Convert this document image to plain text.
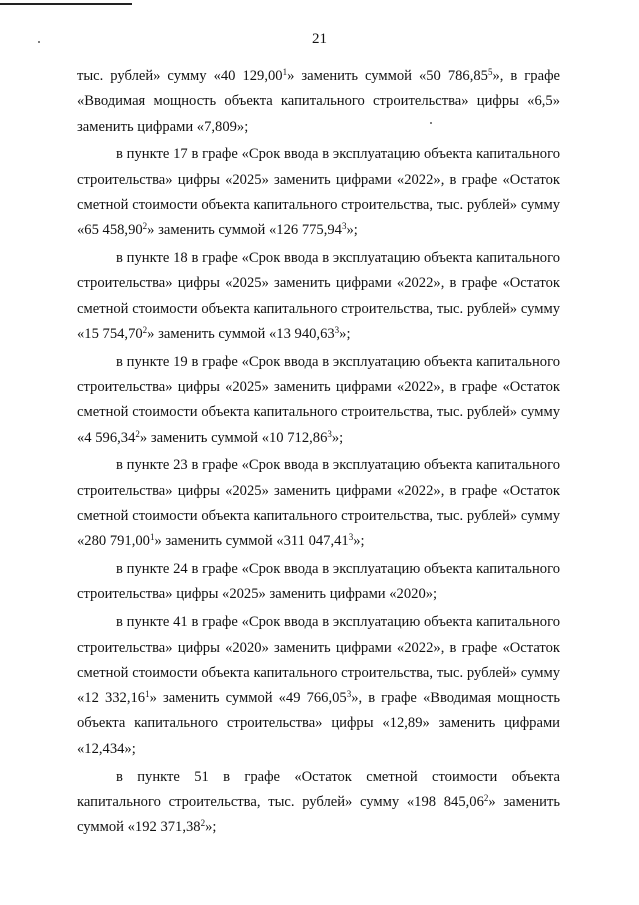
21

тыс. рублей» сумму «40 129,00$^1$» заменить суммой «50 786,85$^5$», в графе «Вводимая мощность объекта капитального строительства» цифры «6,5» заменить цифрами «7,809»;

в пункте 17 в графе «Срок ввода в эксплуатацию объекта капитального строительства» цифры «2025» заменить цифрами «2022», в графе «Остаток сметной стоимости объекта капитального строительства, тыс. рублей» сумму «65 458,90$^2$» заменить суммой «126 775,94$^3$»;

в пункте 18 в графе «Срок ввода в эксплуатацию объекта капитального строительства» цифры «2025» заменить цифрами «2022», в графе «Остаток сметной стоимости объекта капитального строительства, тыс. рублей» сумму «15 754,70$^2$» заменить суммой «13 940,63$^3$»;

в пункте 19 в графе «Срок ввода в эксплуатацию объекта капитального строительства» цифры «2025» заменить цифрами «2022», в графе «Остаток сметной стоимости объекта капитального строительства, тыс. рублей» сумму «4 596,34$^2$» заменить суммой «10 712,86$^3$»;

в пункте 23 в графе «Срок ввода в эксплуатацию объекта капитального строительства» цифры «2025» заменить цифрами «2022», в графе «Остаток сметной стоимости объекта капитального строительства, тыс. рублей» сумму «280 791,00$^1$» заменить суммой «311 047,41$^3$»;

в пункте 24 в графе «Срок ввода в эксплуатацию объекта капитального строительства» цифры «2025» заменить цифрами «2020»;

в пункте 41 в графе «Срок ввода в эксплуатацию объекта капитального строительства» цифры «2020» заменить цифрами «2022», в графе «Остаток сметной стоимости объекта капитального строительства, тыс. рублей» сумму «12 332,16$^1$» заменить суммой «49 766,05$^3$», в графе «Вводимая мощность объекта капитального строительства» цифры «12,89» заменить цифрами «12,434»;

в пункте 51 в графе «Остаток сметной стоимости объекта капитального строительства, тыс. рублей» сумму «198 845,06$^2$» заменить суммой «192 371,38$^2$»;
